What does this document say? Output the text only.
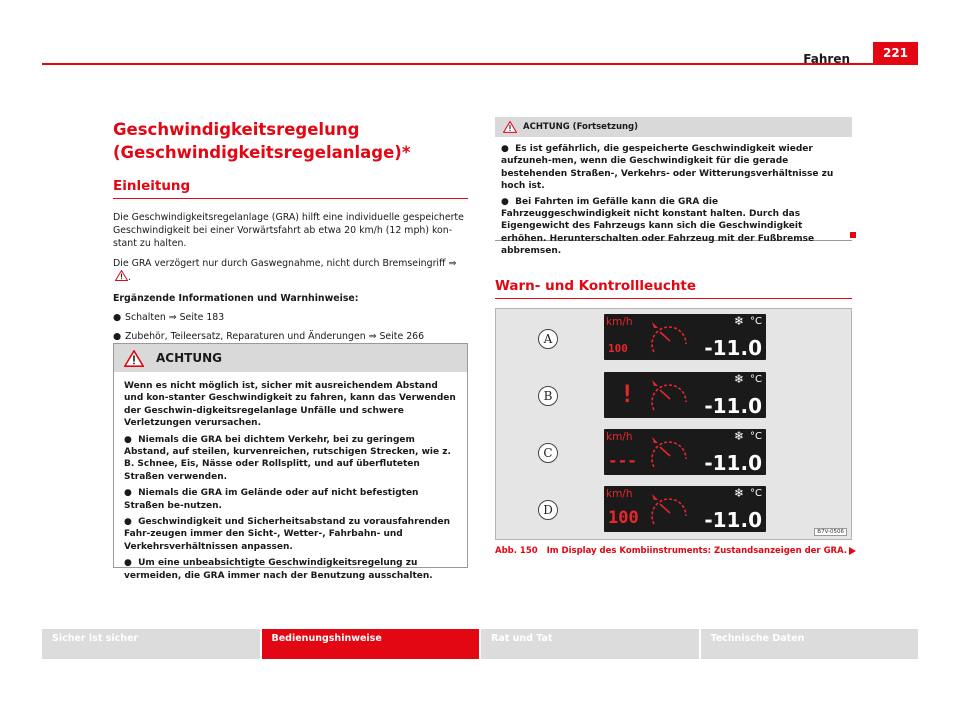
Fahren	221
Geschwindigkeitsregelung
(Geschwindigkeitsregelanlage)*
Einleitung

Die Geschwindigkeitsregelanlage (GRA) hilft eine individuelle gespeicherte Geschwindigkeit bei einer Vorwärtsfahrt ab etwa 20 km/h (12 mph) kon-stant zu halten.

Die GRA verzögert nur durch Gaswegnahme, nicht durch Bremseingriff ⇒ .

Ergänzende Informationen und Warnhinweise:
● Schalten ⇒ Seite 183
● Zubehör, Teileersatz, Reparaturen und Änderungen ⇒ Seite 266
ACHTUNG

Wenn es nicht möglich ist, sicher mit ausreichendem Abstand und kon-stanter Geschwindigkeit zu fahren, kann das Verwenden der Geschwin-digkeitsregelanlage Unfälle und schwere Verletzungen verursachen.

●  Niemals die GRA bei dichtem Verkehr, bei zu geringem Abstand, auf steilen, kurvenreichen, rutschigen Strecken, wie z. B. Schnee, Eis, Nässe oder Rollsplitt, und auf überfluteten Straßen verwenden.

●  Niemals die GRA im Gelände oder auf nicht befestigten Straßen be-nutzen.

●  Geschwindigkeit und Sicherheitsabstand zu vorausfahrenden Fahr-zeugen immer den Sicht-, Wetter-, Fahrbahn- und Verkehrsverhältnissen anpassen.

●  Um eine unbeabsichtigte Geschwindigkeitsregelung zu vermeiden, die GRA immer nach der Benutzung ausschalten.

ACHTUNG (Fortsetzung)

●  Es ist gefährlich, die gespeicherte Geschwindigkeit wieder aufzuneh-men, wenn die Geschwindigkeit für die gerade bestehenden Straßen-, Verkehrs- oder Witterungsverhältnisse zu hoch ist.

●  Bei Fahrten im Gefälle kann die GRA die Fahrzeuggeschwindigkeit nicht konstant halten. Durch das Eigengewicht des Fahrzeugs kann sich die Geschwindigkeit erhöhen. Herunterschalten oder Fahrzeug mit der Fußbremse abbremsen.

Warn- und Kontrollleuchte
A
km/h
100
❄ °C
-11.0
B	!
❄ °C
-11.0
C
km/h
---
❄ °C
-11.0
D
km/h
100
❄ °C
-11.0	B7V-0506
Abb. 150 Im Display des Kombiinstruments: Zustandsanzeigen der GRA.
Sicher ist sicher	Bedienungshinweise	Rat und Tat	Technische Daten
